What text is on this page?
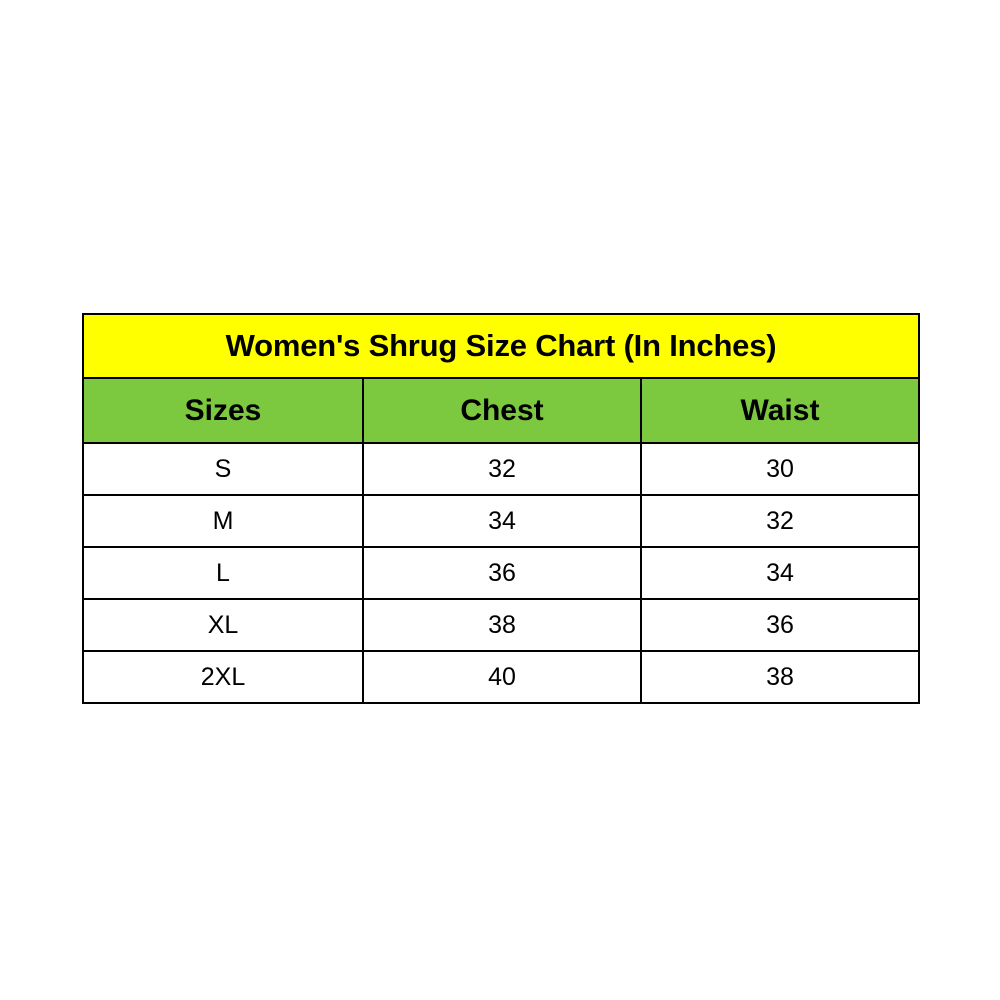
Women's Shrug Size Chart (In Inches)		
Sizes	Chest	Waist
S	32	30
M	34	32
L	36	34
XL	38	36
2XL	40	38
